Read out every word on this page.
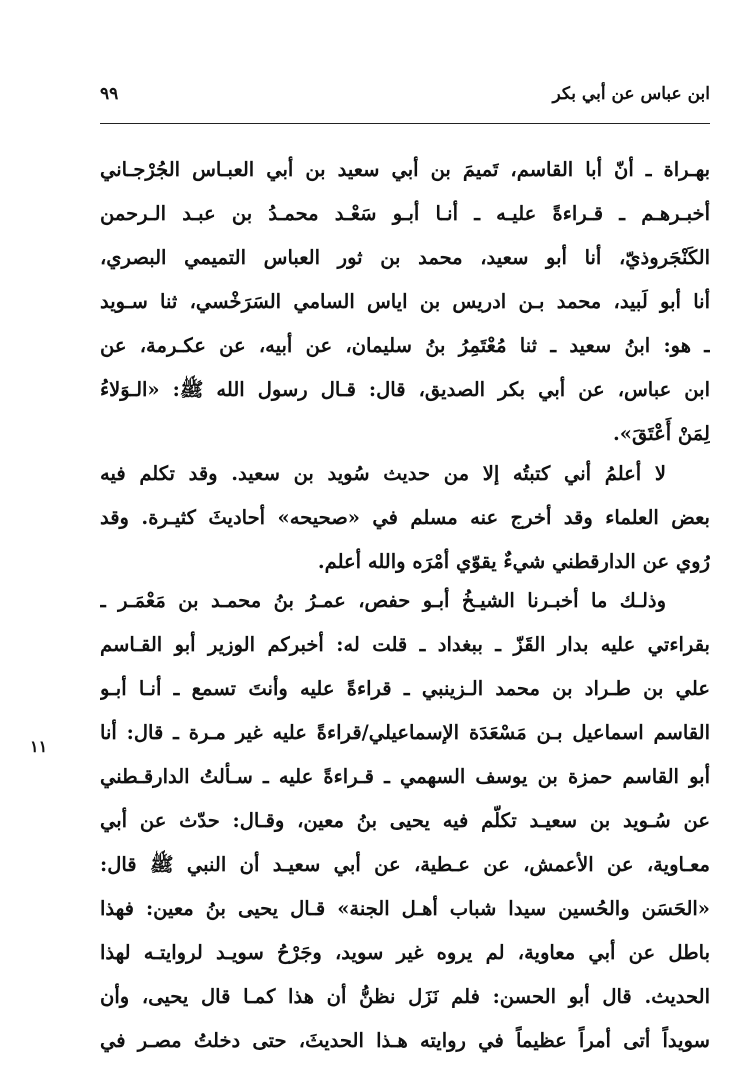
ابن عباس عن أبي بكر
٩٩
بهـراة ـ أنّ أبا القاسم، تَميمَ بن أبي سعيد بن أبي العبـاس الجُرْجـاني
أخبـرهـم ـ قـراءةً عليـه ـ أنـا أبـو سَعْـد محمـدُ بن عبـد الـرحمن
الكَنْجَروذيّ، أنا أبو سعيد، محمد بن ثور العباس التميمي البصري،
أنا أبو لَبيد، محمد بـن ادريس بن اياس السامي السَرَخْسي، ثنا سـويد
ـ هو: ابنُ سعيد ـ ثنا مُعْتَمِرُ بنُ سليمان، عن أبيه، عن عكـرمة، عن
ابن عباس، عن أبي بكر الصديق، قال: قـال رسول الله ﷺ: «الـوَلاءُ
لِمَنْ أَعْتَقَ».
لا أعلمُ أني كتبتُه إلا من حديث سُويد بن سعيد. وقد تكلم فيه
بعض العلماء وقد أخرج عنه مسلم في «صحيحه» أحاديثَ كثيـرة. وقد
رُوي عن الدارقطني شيءٌ يقوّي أمْرَه والله أعلم.
وذلـك ما أخبـرنا الشيـخُ أبـو حفص، عمـرُ بنُ محمـد بن مَعْمَـر ـ
بقراءتي عليه بدار القَزّ ـ ببغداد ـ قلت له: أخبركم الوزير أبو القـاسم
علي بن طـراد بن محمد الـزينبي ـ قراءةً عليه وأنتَ تسمع ـ أنـا أبـو
القاسم اسماعيل بـن مَسْعَدَة الإسماعيلي/قراءةً عليه غير مـرة ـ قال: أنا
أبو القاسم حمزة بن يوسف السهمي ـ قـراءةً عليه ـ سـألتُ الدارقـطني
عن سُـويد بن سعيـد تكلّم فيه يحيى بنُ معين، وقـال: حدّث عن أبي
معـاوية، عن الأعمش، عن عـطية، عن أبي سعيـد أن النبي ﷺ قال:
«الحَسَن والحُسين سيدا شباب أهـل الجنة» قـال يحيى بنُ معين: فهذا
باطل عن أبي معاوية، لم يروه غير سويد، وجَرْحُ سويـد لروايتـه لهذا
الحديث. قال أبو الحسن: فلم نَزَل نظنُّ أن هذا كمـا قال يحيى، وأن
سويداً أتى أمراً عظيماً في روايته هـذا الحديثَ، حتى دخلتُ مصـر في
١١
